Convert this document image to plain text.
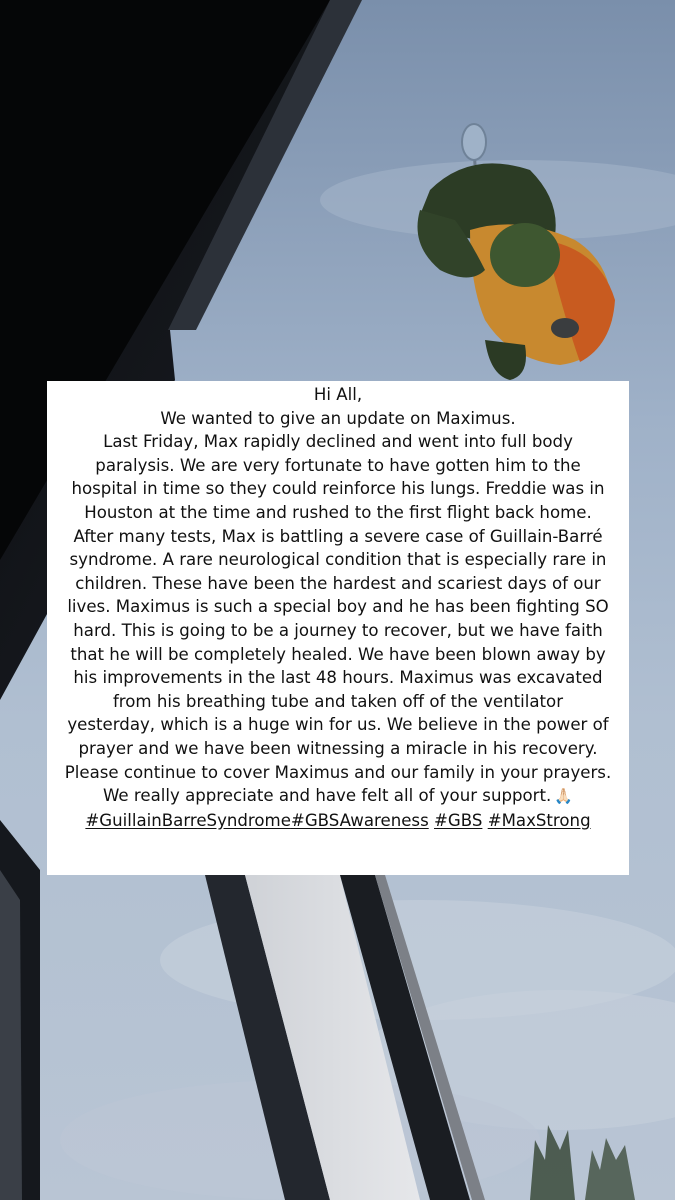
Hi All,
We wanted to give an update on Maximus.
Last Friday, Max rapidly declined and went into full body
paralysis. We are very fortunate to have gotten him to the
hospital in time so they could reinforce his lungs. Freddie was in
Houston at the time and rushed to the first flight back home.
After many tests, Max is battling a severe case of Guillain-Barré
syndrome. A rare neurological condition that is especially rare in
children. These have been the hardest and scariest days of our
lives. Maximus is such a special boy and he has been fighting SO
hard. This is going to be a journey to recover, but we have faith
that he will be completely healed. We have been blown away by
his improvements in the last 48 hours. Maximus was excavated
from his breathing tube and taken off of the ventilator
yesterday, which is a huge win for us. We believe in the power of
prayer and we have been witnessing a miracle in his recovery.
Please continue to cover Maximus and our family in your prayers.
We really appreciate and have felt all of your support. 🙏🏻
#GuillainBarreSyndrome#GBSAwareness #GBS #MaxStrong
